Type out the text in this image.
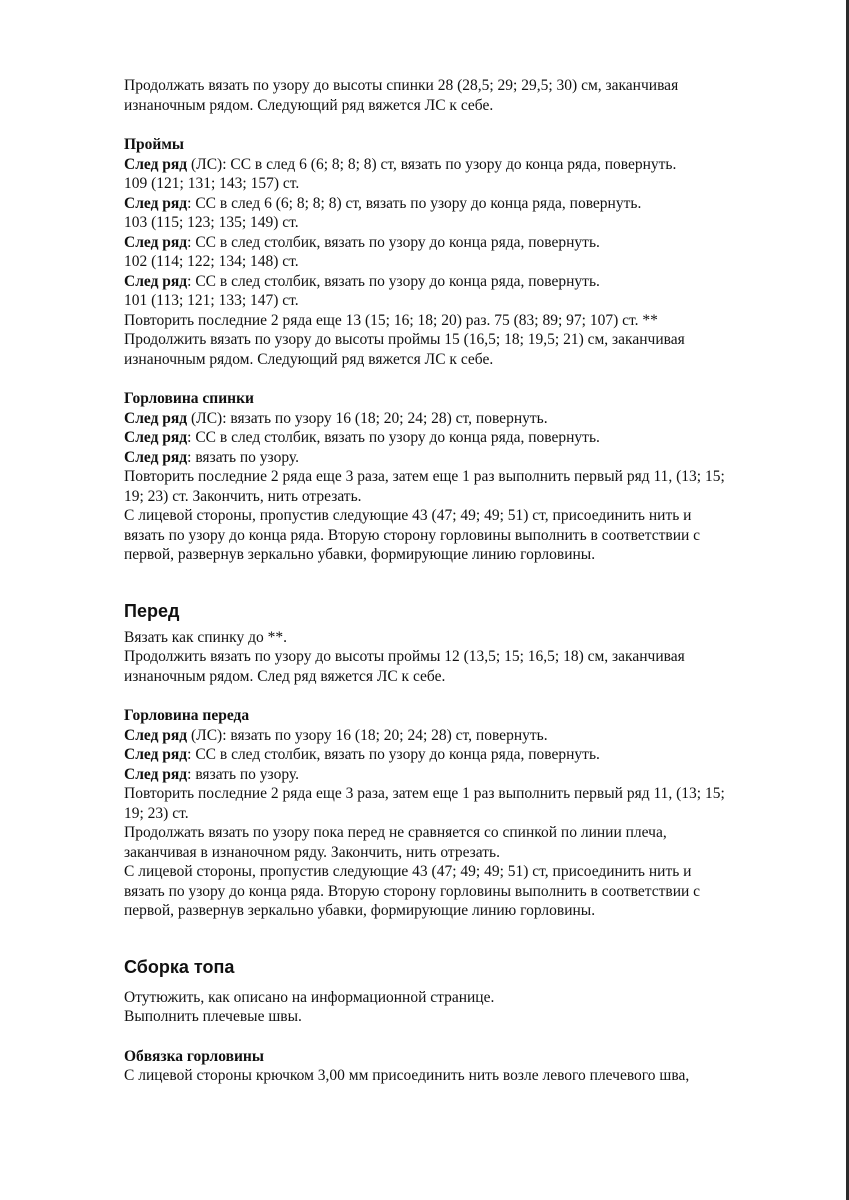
Продолжать вязать по узору до высоты спинки 28 (28,5; 29; 29,5; 30) см, заканчивая
изнаночным рядом. Следующий ряд вяжется ЛС к себе.
Проймы
След ряд (ЛС): СС в след 6 (6; 8; 8; 8) ст, вязать по узору до конца ряда, повернуть.
109 (121; 131; 143; 157) ст.
След ряд: СС в след 6 (6; 8; 8; 8) ст, вязать по узору до конца ряда, повернуть.
103 (115; 123; 135; 149) ст.
След ряд: СС в след столбик, вязать по узору до конца ряда, повернуть.
102 (114; 122; 134; 148) ст.
След ряд: СС в след столбик, вязать по узору до конца ряда, повернуть.
101 (113; 121; 133; 147) ст.
Повторить последние 2 ряда еще 13 (15; 16; 18; 20) раз. 75 (83; 89; 97; 107) ст. **
Продолжить вязать по узору до высоты проймы 15 (16,5; 18; 19,5; 21) см, заканчивая
изнаночным рядом. Следующий ряд вяжется ЛС к себе.
Горловина спинки
След ряд (ЛС): вязать по узору 16 (18; 20; 24; 28) ст, повернуть.
След ряд: СС в след столбик, вязать по узору до конца ряда, повернуть.
След ряд: вязать по узору.
Повторить последние 2 ряда еще 3 раза, затем еще 1 раз выполнить первый ряд 11, (13; 15;
19; 23) ст. Закончить, нить отрезать.
С лицевой стороны, пропустив следующие 43 (47; 49; 49; 51) ст, присоединить нить и
вязать по узору до конца ряда. Вторую сторону горловины выполнить в соответствии с
первой, развернув зеркально убавки, формирующие линию горловины.
Перед
Вязать как спинку до **.
Продолжить вязать по узору до высоты проймы 12 (13,5; 15; 16,5; 18) см, заканчивая
изнаночным рядом. След ряд вяжется ЛС к себе.
Горловина переда
След ряд (ЛС): вязать по узору 16 (18; 20; 24; 28) ст, повернуть.
След ряд: СС в след столбик, вязать по узору до конца ряда, повернуть.
След ряд: вязать по узору.
Повторить последние 2 ряда еще 3 раза, затем еще 1 раз выполнить первый ряд 11, (13; 15;
19; 23) ст.
Продолжать вязать по узору пока перед не сравняется со спинкой по линии плеча,
заканчивая в изнаночном ряду. Закончить, нить отрезать.
С лицевой стороны, пропустив следующие 43 (47; 49; 49; 51) ст, присоединить нить и
вязать по узору до конца ряда. Вторую сторону горловины выполнить в соответствии с
первой, развернув зеркально убавки, формирующие линию горловины.
Сборка топа
Отутюжить, как описано на информационной странице.
Выполнить плечевые швы.
Обвязка горловины
С лицевой стороны крючком 3,00 мм присоединить нить возле левого плечевого шва,
